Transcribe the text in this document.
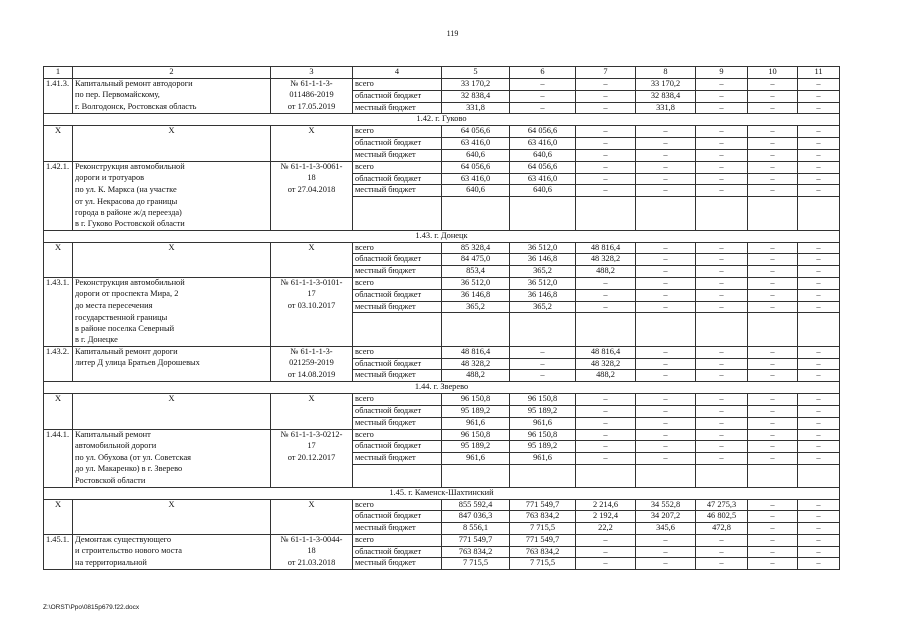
119
1	2	3	4	5	6	7	8	9	10	11
1.41.3.	Капитальный ремонт автодороги	№ 61-1-1-3-	всего	33 170,2	–	–	33 170,2	–	–	–
	по пер. Первомайскому,	011486-2019	областной бюджет	32 838,4	–	–	32 838,4	–	–	–
	г. Волгодонск, Ростовская область	от 17.05.2019	местный бюджет	331,8	–	–	331,8	–	–	–
1.42. г. Гуково										
X	X	X	всего	64 056,6	64 056,6	–	–	–	–	–
			областной бюджет	63 416,0	63 416,0	–	–	–	–	–
			местный бюджет	640,6	640,6	–	–	–	–	–
1.42.1.	Реконструкция автомобильной	№ 61-1-1-3-0061-	всего	64 056,6	64 056,6	–	–	–	–	–
	дороги и тротуаров	18	областной бюджет	63 416,0	63 416,0	–	–	–	–	–
	по ул. К. Маркса (на участке	от 27.04.2018	местный бюджет	640,6	640,6	–	–	–	–	–
	от ул. Некрасова до границы									
	города в районе ж/д переезда)									
	в г. Гуково Ростовской области									
1.43. г. Донецк										
X	X	X	всего	85 328,4	36 512,0	48 816,4	–	–	–	–
			областной бюджет	84 475,0	36 146,8	48 328,2	–	–	–	–
			местный бюджет	853,4	365,2	488,2	–	–	–	–
1.43.1.	Реконструкция автомобильной	№ 61-1-1-3-0101-	всего	36 512,0	36 512,0	–	–	–	–	–
	дороги от проспекта Мира, 2	17	областной бюджет	36 146,8	36 146,8	–	–	–	–	–
	до места пересечения	от 03.10.2017	местный бюджет	365,2	365,2	–	–	–	–	–
	государственной границы									
	в районе поселка Северный									
	в г. Донецке									
1.43.2.	Капитальный ремонт дороги	№ 61-1-1-3-	всего	48 816,4	–	48 816,4	–	–	–	–
	литер Д улица Братьев Дорошевых	021259-2019	областной бюджет	48 328,2	–	48 328,2	–	–	–	–
		от 14.08.2019	местный бюджет	488,2	–	488,2	–	–	–	–
1.44. г. Зверево										
X	X	X	всего	96 150,8	96 150,8	–	–	–	–	–
			областной бюджет	95 189,2	95 189,2	–	–	–	–	–
			местный бюджет	961,6	961,6	–	–	–	–	–
1.44.1.	Капитальный ремонт	№ 61-1-1-3-0212-	всего	96 150,8	96 150,8	–	–	–	–	–
	автомобильной дороги	17	областной бюджет	95 189,2	95 189,2	–	–	–	–	–
	по ул. Обухова (от ул. Советская	от 20.12.2017	местный бюджет	961,6	961,6	–	–	–	–	–
	до ул. Макаренко) в г. Зверево									
	Ростовской области									
1.45. г. Каменск-Шахтинский										
X	X	X	всего	855 592,4	771 549,7	2 214,6	34 552,8	47 275,3	–	–
			областной бюджет	847 036,3	763 834,2	2 192,4	34 207,2	46 802,5	–	–
			местный бюджет	8 556,1	7 715,5	22,2	345,6	472,8	–	–
1.45.1.	Демонтаж существующего	№ 61-1-1-3-0044-	всего	771 549,7	771 549,7	–	–	–	–	–
	и строительство нового моста	18	областной бюджет	763 834,2	763 834,2	–	–	–	–	–
	на территориальной	от 21.03.2018	местный бюджет	7 715,5	7 715,5	–	–	–	–	–
Z:\ORST\Ppo\0815p679.f22.docx
